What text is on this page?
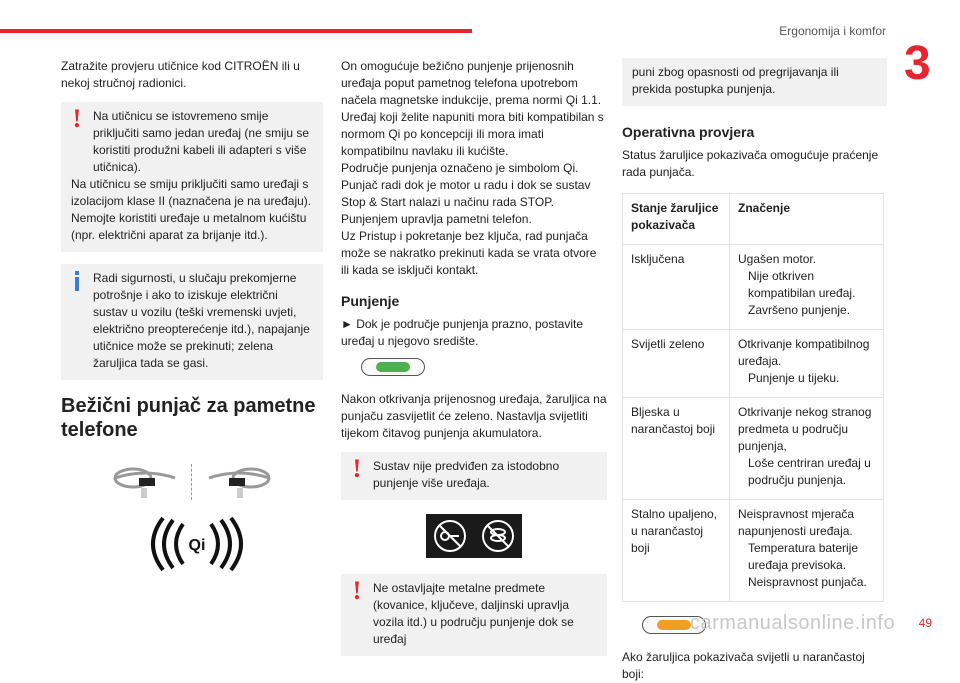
Ergonomija i komfor
3

Zatražite provjeru utičnice kod CITROËN ili u nekoj stručnoj radionici.

! Na utičnicu se istovremeno smije priključiti samo jedan uređaj (ne smiju se koristiti produžni kabeli ili adapteri s više utičnica).

Na utičnicu se smiju priključiti samo uređaji s izolacijom klase II (naznačena je na uređaju).

Nemojte koristiti uređaje u metalnom kućištu (npr. električni aparat za brijanje itd.).

Radi sigurnosti, u slučaju prekomjerne potrošnje i ako to iziskuje električni sustav u vozilu (teški vremenski uvjeti, električno preopterećenje itd.), napajanje utičnice može se prekinuti; zelena žaruljica tada se gasi.

Bežični punjač za pametne telefone
Qi

On omogućuje bežično punjenje prijenosnih uređaja poput pametnog telefona upotrebom načela magnetske indukcije, prema normi Qi 1.1.

Uređaj koji želite napuniti mora biti kompatibilan s normom Qi po koncepciji ili mora imati kompatibilnu navlaku ili kućište.

Područje punjenja označeno je simbolom Qi.

Punjač radi dok je motor u radu i dok se sustav Stop & Start nalazi u načinu rada STOP.

Punjenjem upravlja pametni telefon.

Uz Pristup i pokretanje bez ključa, rad punjača može se nakratko prekinuti kada se vrata otvore ili kada se isključi kontakt.

Punjenje

► Dok je područje punjenja prazno, postavite uređaj u njegovo središte.

Nakon otkrivanja prijenosnog uređaja, žaruljica na punjaču zasvijetlit će zeleno. Nastavlja svijetliti tijekom čitavog punjenja akumulatora.

! Sustav nije predviđen za istodobno punjenje više uređaja.

! Ne ostavljajte metalne predmete (kovanice, ključeve, daljinski upravlja vozila itd.) u području punjenje dok se uređaj

puni zbog opasnosti od pregrijavanja ili prekida postupka punjenja.

Operativna provjera

Status žaruljice pokazivača omogućuje praćenje rada punjača.

Stanje žaruljice pokazivača	Značenje
Isključena	Ugašen motor.
Nije otkriven kompatibilan uređaj.
Završeno punjenje.

Svijetli zeleno	Otkrivanje kompatibilnog uređaja.
Punjenje u tijeku.

Bljeska u narančastoj boji	Otkrivanje nekog stranog predmeta u području punjenja,
Loše centriran uređaj u području punjenja.

Stalno upaljeno, u narančastoj boji	Neispravnost mjerača napunjenosti uređaja.
Temperatura baterije uređaja previsoka.
Neispravnost punjača.

Ako žaruljica pokazivača svijetli u narančastoj boji:

carmanualsonline.info 49
